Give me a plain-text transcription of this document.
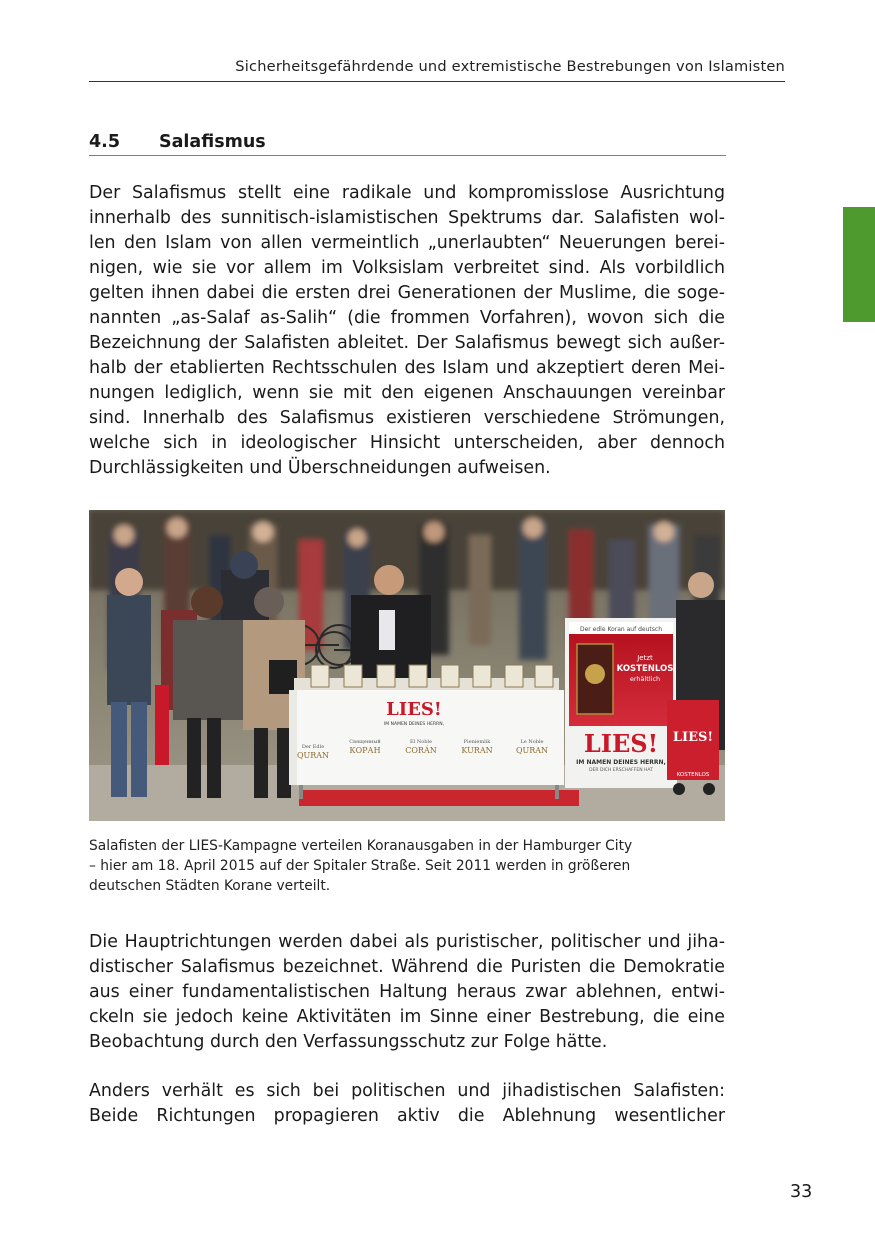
Sicherheitsgefährdende und extremistische Bestrebungen von Islamisten
4.5 Salafismus

Der Salafismus stellt eine radikale und kompromisslose Ausrichtung
innerhalb des sunnitisch-islamistischen Spektrums dar. Salafisten wol-
len den Islam von allen vermeintlich „unerlaubten“ Neuerungen berei-
nigen, wie sie vor allem im Volksislam verbreitet sind. Als vorbildlich
gelten ihnen dabei die ersten drei Generationen der Muslime, die soge-
nannten „as-Salaf as-Salih“ (die frommen Vorfahren), wovon sich die
Bezeichnung der Salafisten ableitet. Der Salafismus bewegt sich außer-
halb der etablierten Rechtsschulen des Islam und akzeptiert deren Mei-
nungen lediglich, wenn sie mit den eigenen Anschauungen vereinbar
sind. Innerhalb des Salafismus existieren verschiedene Strömungen,
welche sich in ideologischer Hinsicht unterscheiden, aber dennoch
Durchlässigkeiten und Überschneidungen aufweisen.

LIES!
IM NAMEN DEINES HERRN,
Der Edle
QURAN
Священный
КОРАН
El Noble
CORÁN
Pieniemlik
KURAN
Le Noble
QURAN
Der edle Koran auf deutsch
Jetzt
KOSTENLOS
erhältlich
LIES!
IM NAMEN DEINES HERRN,
DER DICH ERSCHAFFEN HAT
LIES!
KOSTENLOS
Salafisten der LIES-Kampagne verteilen Koranausgaben in der Hamburger City
– hier am 18. April 2015 auf der Spitaler Straße. Seit 2011 werden in größeren
deutschen Städten Korane verteilt.

Die Hauptrichtungen werden dabei als puristischer, politischer und jiha-
distischer Salafismus bezeichnet. Während die Puristen die Demokratie
aus einer fundamentalistischen Haltung heraus zwar ablehnen, entwi-
ckeln sie jedoch keine Aktivitäten im Sinne einer Bestrebung, die eine
Beobachtung durch den Verfassungsschutz zur Folge hätte.

Anders verhält es sich bei politischen und jihadistischen Salafisten:
Beide Richtungen propagieren aktiv die Ablehnung wesentlicher

33
